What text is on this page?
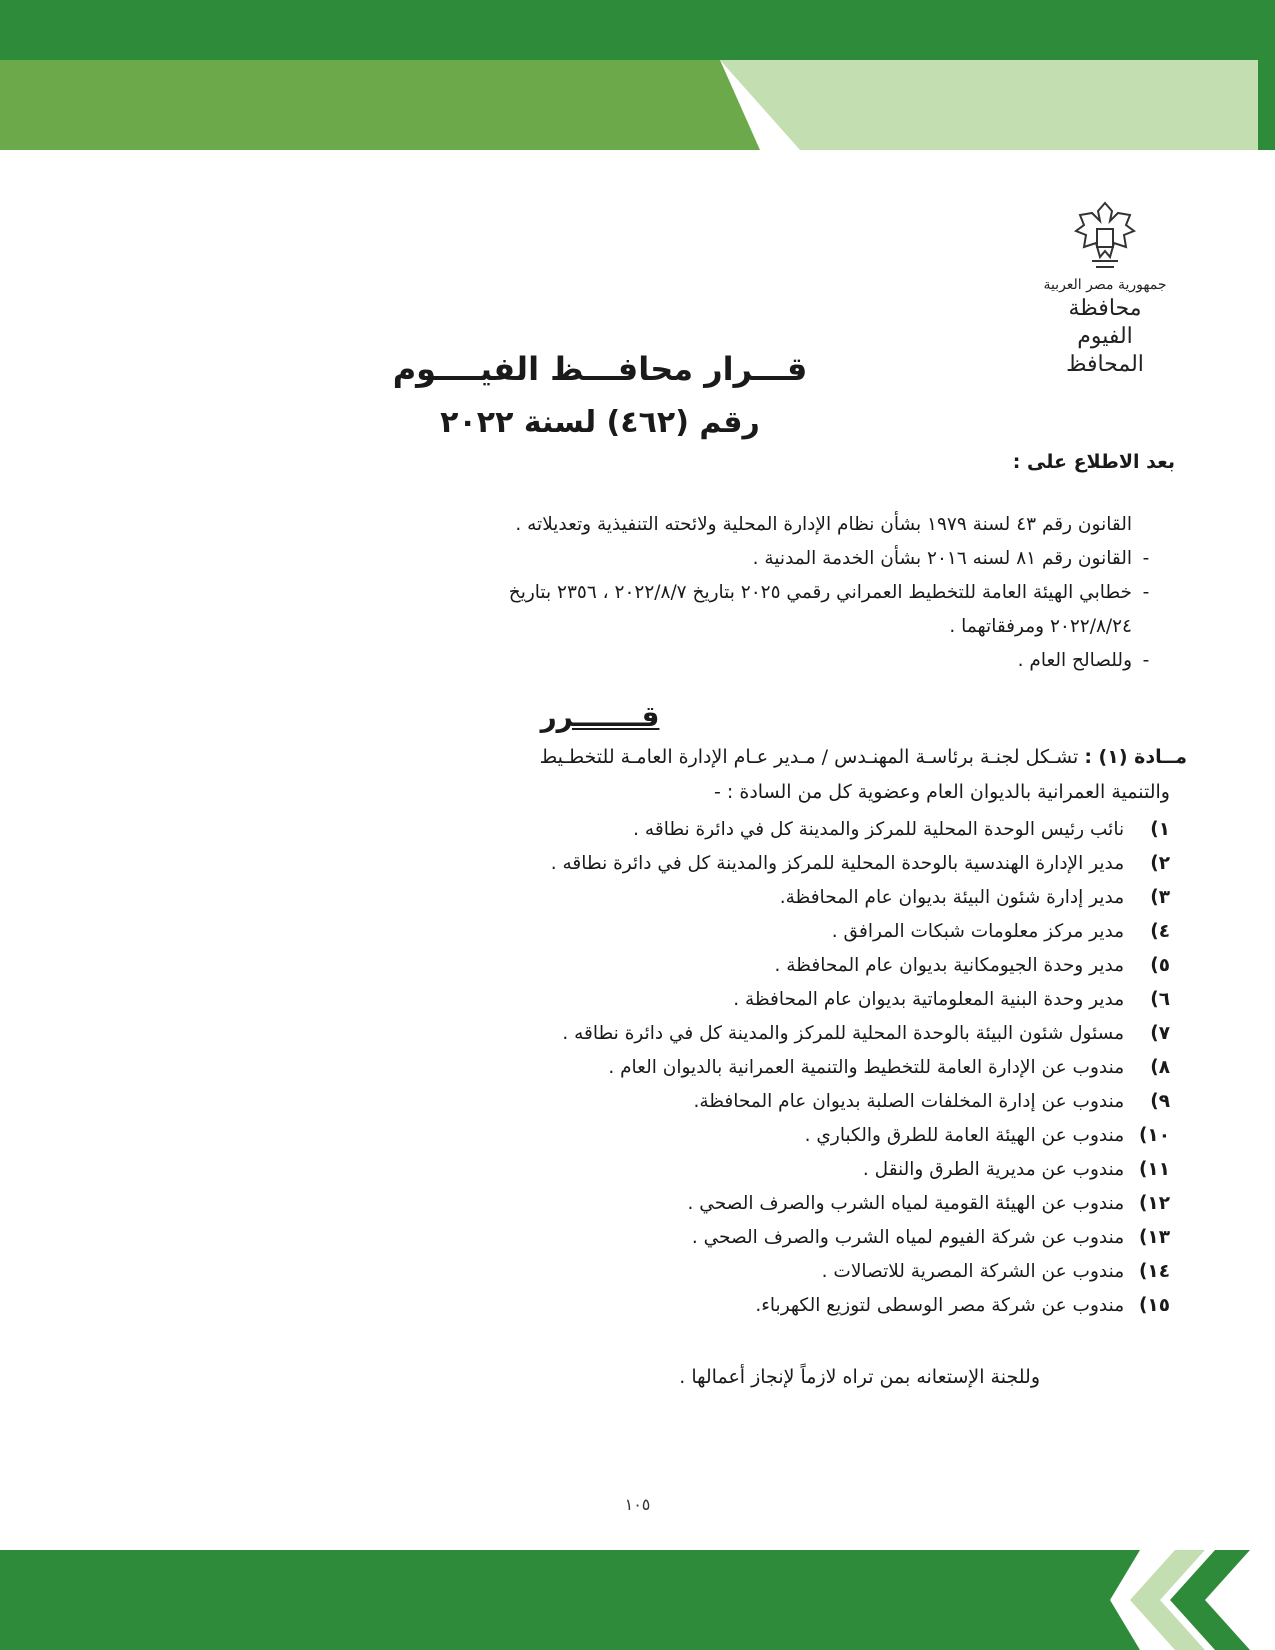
جمهورية مصر العربية
محافظة الفيوم
المحافظ
قـــرار محافـــظ الفيــــوم
رقم (٤٦٢) لسنة ٢٠٢٢
بعد الاطلاع على :
القانون رقم ٤٣ لسنة ١٩٧٩ بشأن نظام الإدارة المحلية ولائحته التنفيذية وتعديلاته .
-القانون رقم ٨١ لسنه ٢٠١٦ بشأن الخدمة المدنية .
-خطابي الهيئة العامة للتخطيط العمراني رقمي ٢٠٢٥ بتاريخ ٢٠٢٢/٨/٧ ، ٢٣٥٦ بتاريخ
٢٠٢٢/٨/٢٤ ومرفقاتهما .
-وللصالح العام .
قـــــــرر
مــادة (١) : تشـكل لجنـة برئاسـة المهنـدس / مـدير عـام الإدارة العامـة للتخطـيط
والتنمية العمرانية بالديوان العام وعضوية كل من السادة : -
١) نائب رئيس الوحدة المحلية للمركز والمدينة كل في دائرة نطاقه .
٢) مدير الإدارة الهندسية بالوحدة المحلية للمركز والمدينة كل في دائرة نطاقه .
٣) مدير إدارة شئون البيئة بديوان عام المحافظة.
٤) مدير مركز معلومات شبكات المرافق .
٥) مدير وحدة الجيومكانية بديوان عام المحافظة .
٦) مدير وحدة البنية المعلوماتية بديوان عام المحافظة .
٧) مسئول شئون البيئة بالوحدة المحلية للمركز والمدينة كل في دائرة نطاقه .
٨) مندوب عن الإدارة العامة للتخطيط والتنمية العمرانية بالديوان العام .
٩) مندوب عن إدارة المخلفات الصلبة بديوان عام المحافظة.
١٠) مندوب عن الهيئة العامة للطرق والكباري .
١١) مندوب عن مديرية الطرق والنقل .
١٢) مندوب عن الهيئة القومية لمياه الشرب والصرف الصحي .
١٣) مندوب عن شركة الفيوم لمياه الشرب والصرف الصحي .
١٤) مندوب عن الشركة المصرية للاتصالات .
١٥) مندوب عن شركة مصر الوسطى لتوزيع الكهرباء.
وللجنة الإستعانه بمن تراه لازماً لإنجاز أعمالها .
١٠٥
